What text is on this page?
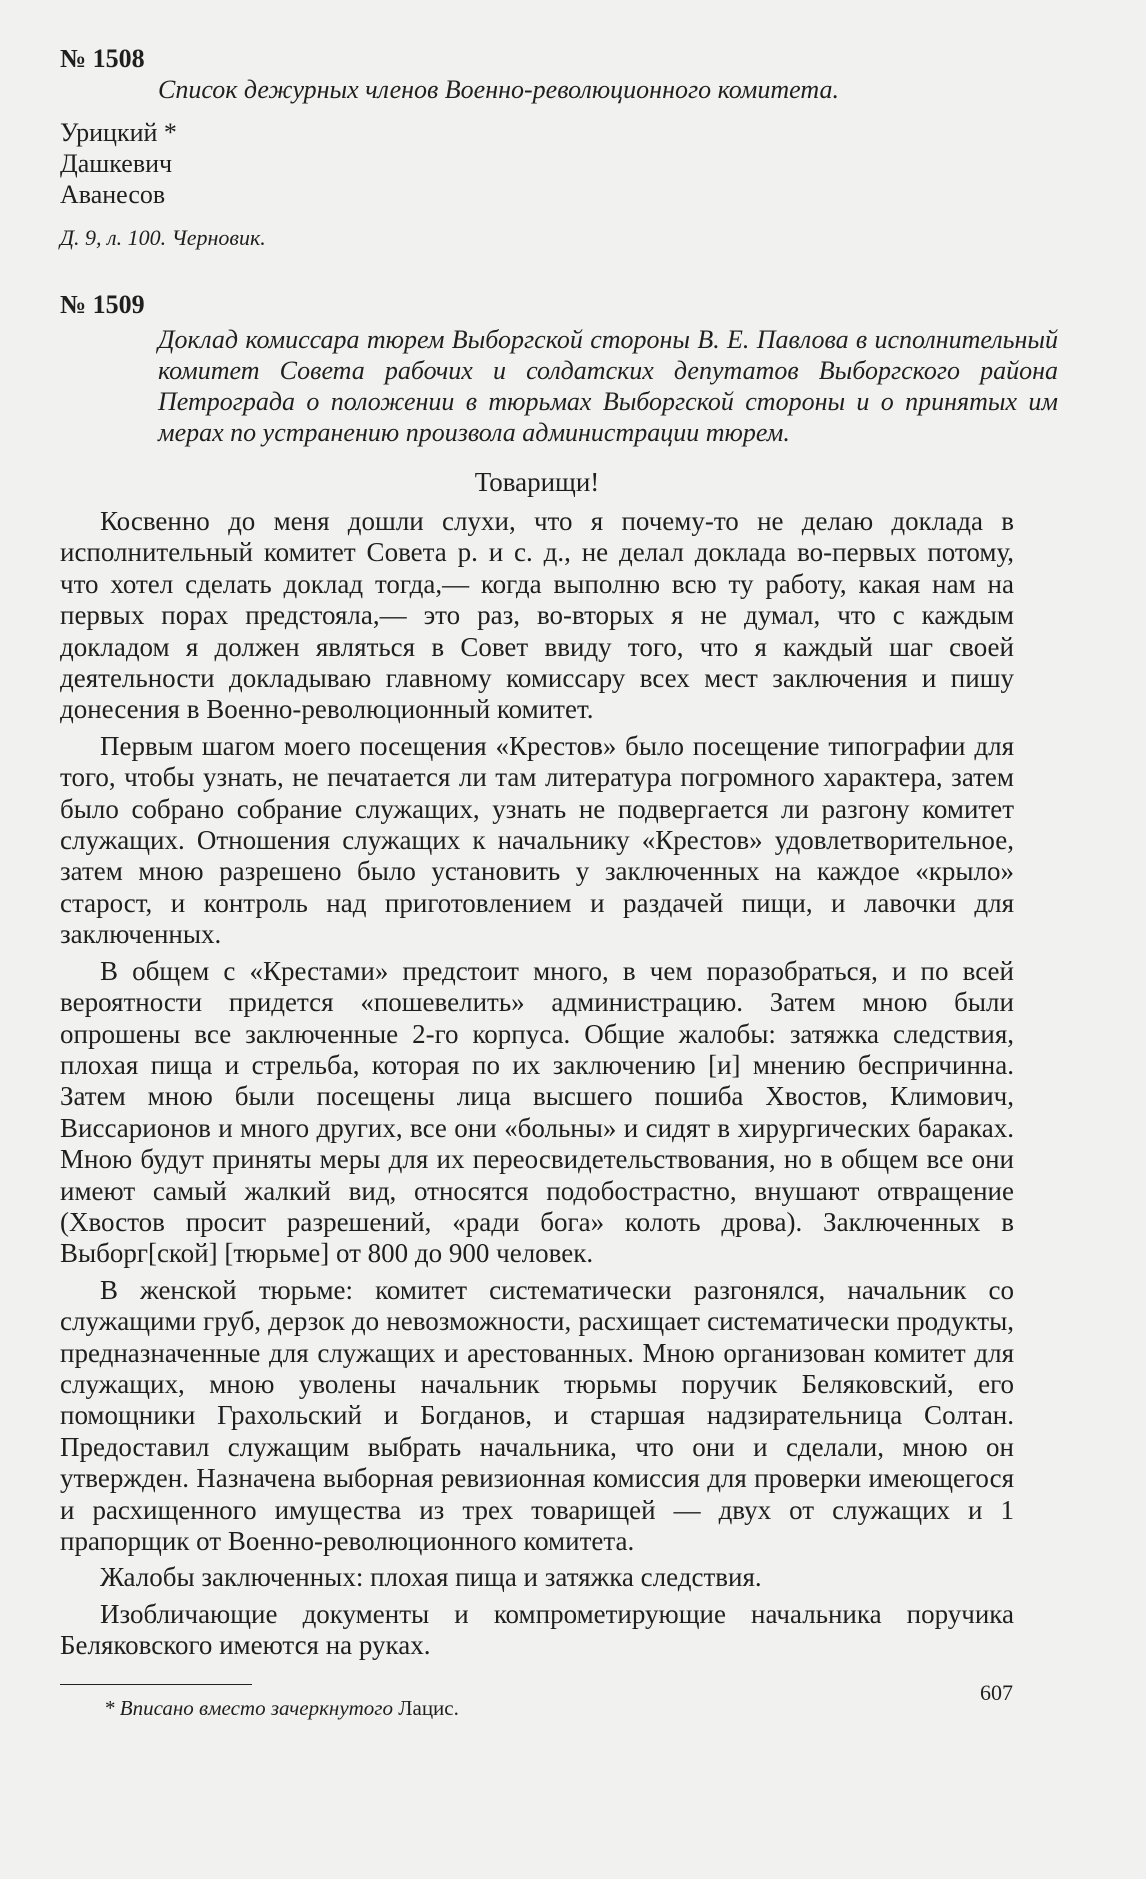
№ 1508
Список дежурных членов Военно-революционного комитета.
Урицкий *
Дашкевич
Аванесов
Д. 9, л. 100. Черновик.
№ 1509
Доклад комиссара тюрем Выборгской стороны В. Е. Павлова в исполнительный комитет Совета рабочих и солдатских депутатов Выборгского района Петрограда о положении в тюрьмах Выборгской стороны и о принятых им мерах по устранению произвола администрации тюрем.
Товарищи!

Косвенно до меня дошли слухи, что я почему-то не делаю доклада в исполнительный комитет Совета р. и с. д., не делал доклада во-первых потому, что хотел сделать доклад тогда,— когда выполню всю ту работу, какая нам на первых порах предстояла,— это раз, во-вторых я не думал, что с каждым докладом я должен являться в Совет ввиду того, что я каждый шаг своей деятельности докладываю главному комиссару всех мест заключения и пишу донесения в Военно-революционный комитет.

Первым шагом моего посещения «Крестов» было посещение типографии для того, чтобы узнать, не печатается ли там литература погромного характера, затем было собрано собрание служащих, узнать не подвергается ли разгону комитет служащих. Отношения служащих к начальнику «Крестов» удовлетворительное, затем мною разрешено было установить у заключенных на каждое «крыло» старост, и контроль над приготовлением и раздачей пищи, и лавочки для заключенных.

В общем с «Крестами» предстоит много, в чем поразобраться, и по всей вероятности придется «пошевелить» администрацию. Затем мною были опрошены все заключенные 2-го корпуса. Общие жалобы: затяжка следствия, плохая пища и стрельба, которая по их заключению [и] мнению беспричинна. Затем мною были посещены лица высшего пошиба Хвостов, Климович, Виссарионов и много других, все они «больны» и сидят в хирургических бараках. Мною будут приняты меры для их переосвидетельствования, но в общем все они имеют самый жалкий вид, относятся подобострастно, внушают отвращение (Хвостов просит разрешений, «ради бога» колоть дрова). Заключенных в Выборг[ской] [тюрьме] от 800 до 900 человек.

В женской тюрьме: комитет систематически разгонялся, начальник со служащими груб, дерзок до невозможности, расхищает систематически продукты, предназначенные для служащих и арестованных. Мною организован комитет для служащих, мною уволены начальник тюрьмы поручик Беляковский, его помощники Грахольский и Богданов, и старшая надзирательница Солтан. Предоставил служащим выбрать начальника, что они и сделали, мною он утвержден. Назначена выборная ревизионная комиссия для проверки имеющегося и расхищенного имущества из трех товарищей — двух от служащих и 1 прапорщик от Военно-революционного комитета.

Жалобы заключенных: плохая пища и затяжка следствия.

Изобличающие документы и компрометирующие начальника поручика Беляковского имеются на руках.

* Вписано вместо зачеркнутого Лацис.
607
